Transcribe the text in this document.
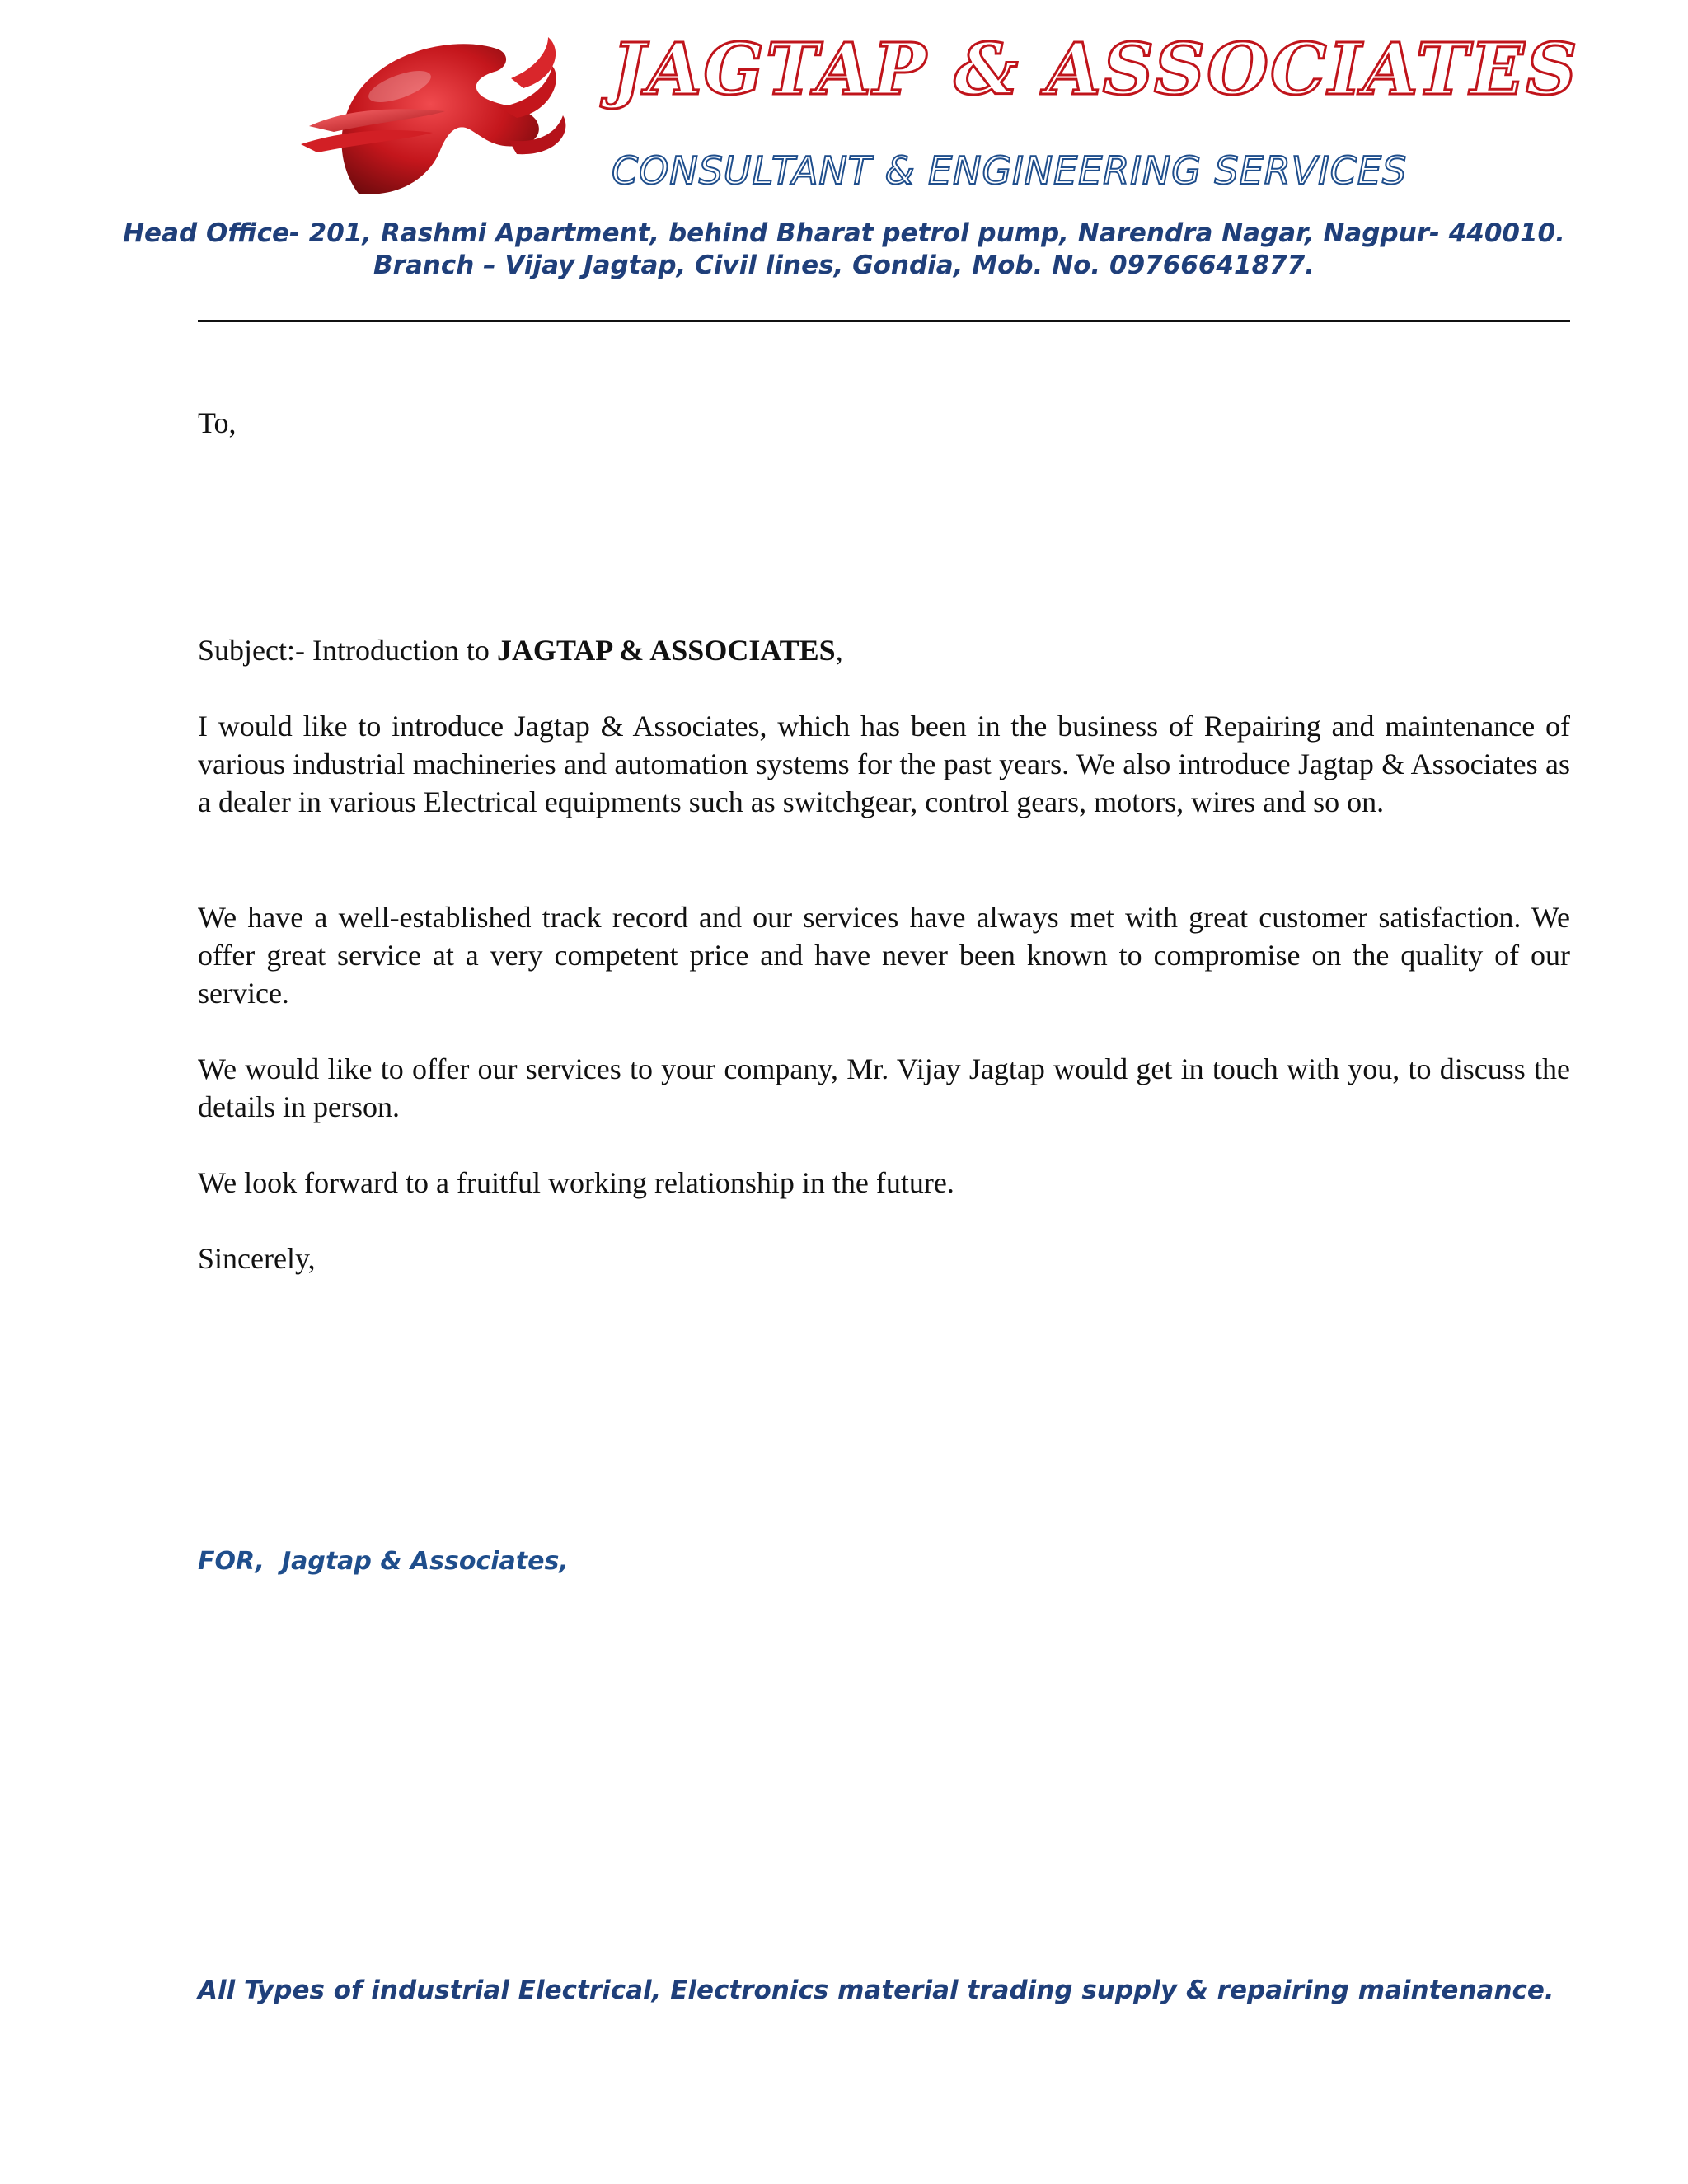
JAGTAP & ASSOCIATES
CONSULTANT & ENGINEERING SERVICES
Head Office- 201, Rashmi Apartment, behind Bharat petrol pump, Narendra Nagar, Nagpur- 440010.
Branch – Vijay Jagtap, Civil lines, Gondia, Mob. No. 09766641877.
To,
Subject:- Introduction to JAGTAP & ASSOCIATES,
I would like to introduce Jagtap & Associates, which has been in the business of Repairing and maintenance of various industrial machineries and automation systems for the past years. We also introduce Jagtap & Associates as a dealer in various Electrical equipments such as switchgear, control gears, motors, wires and so on.
We have a well-established track record and our services have always met with great customer satisfaction. We offer great service at a very competent price and have never been known to compromise on the quality of our service.
We would like to offer our services to your company, Mr. Vijay Jagtap would get in touch with you, to discuss the details in person.
We look forward to a fruitful working relationship in the future.
Sincerely,
FOR,  Jagtap & Associates,
All Types of industrial Electrical, Electronics material trading supply & repairing maintenance.
